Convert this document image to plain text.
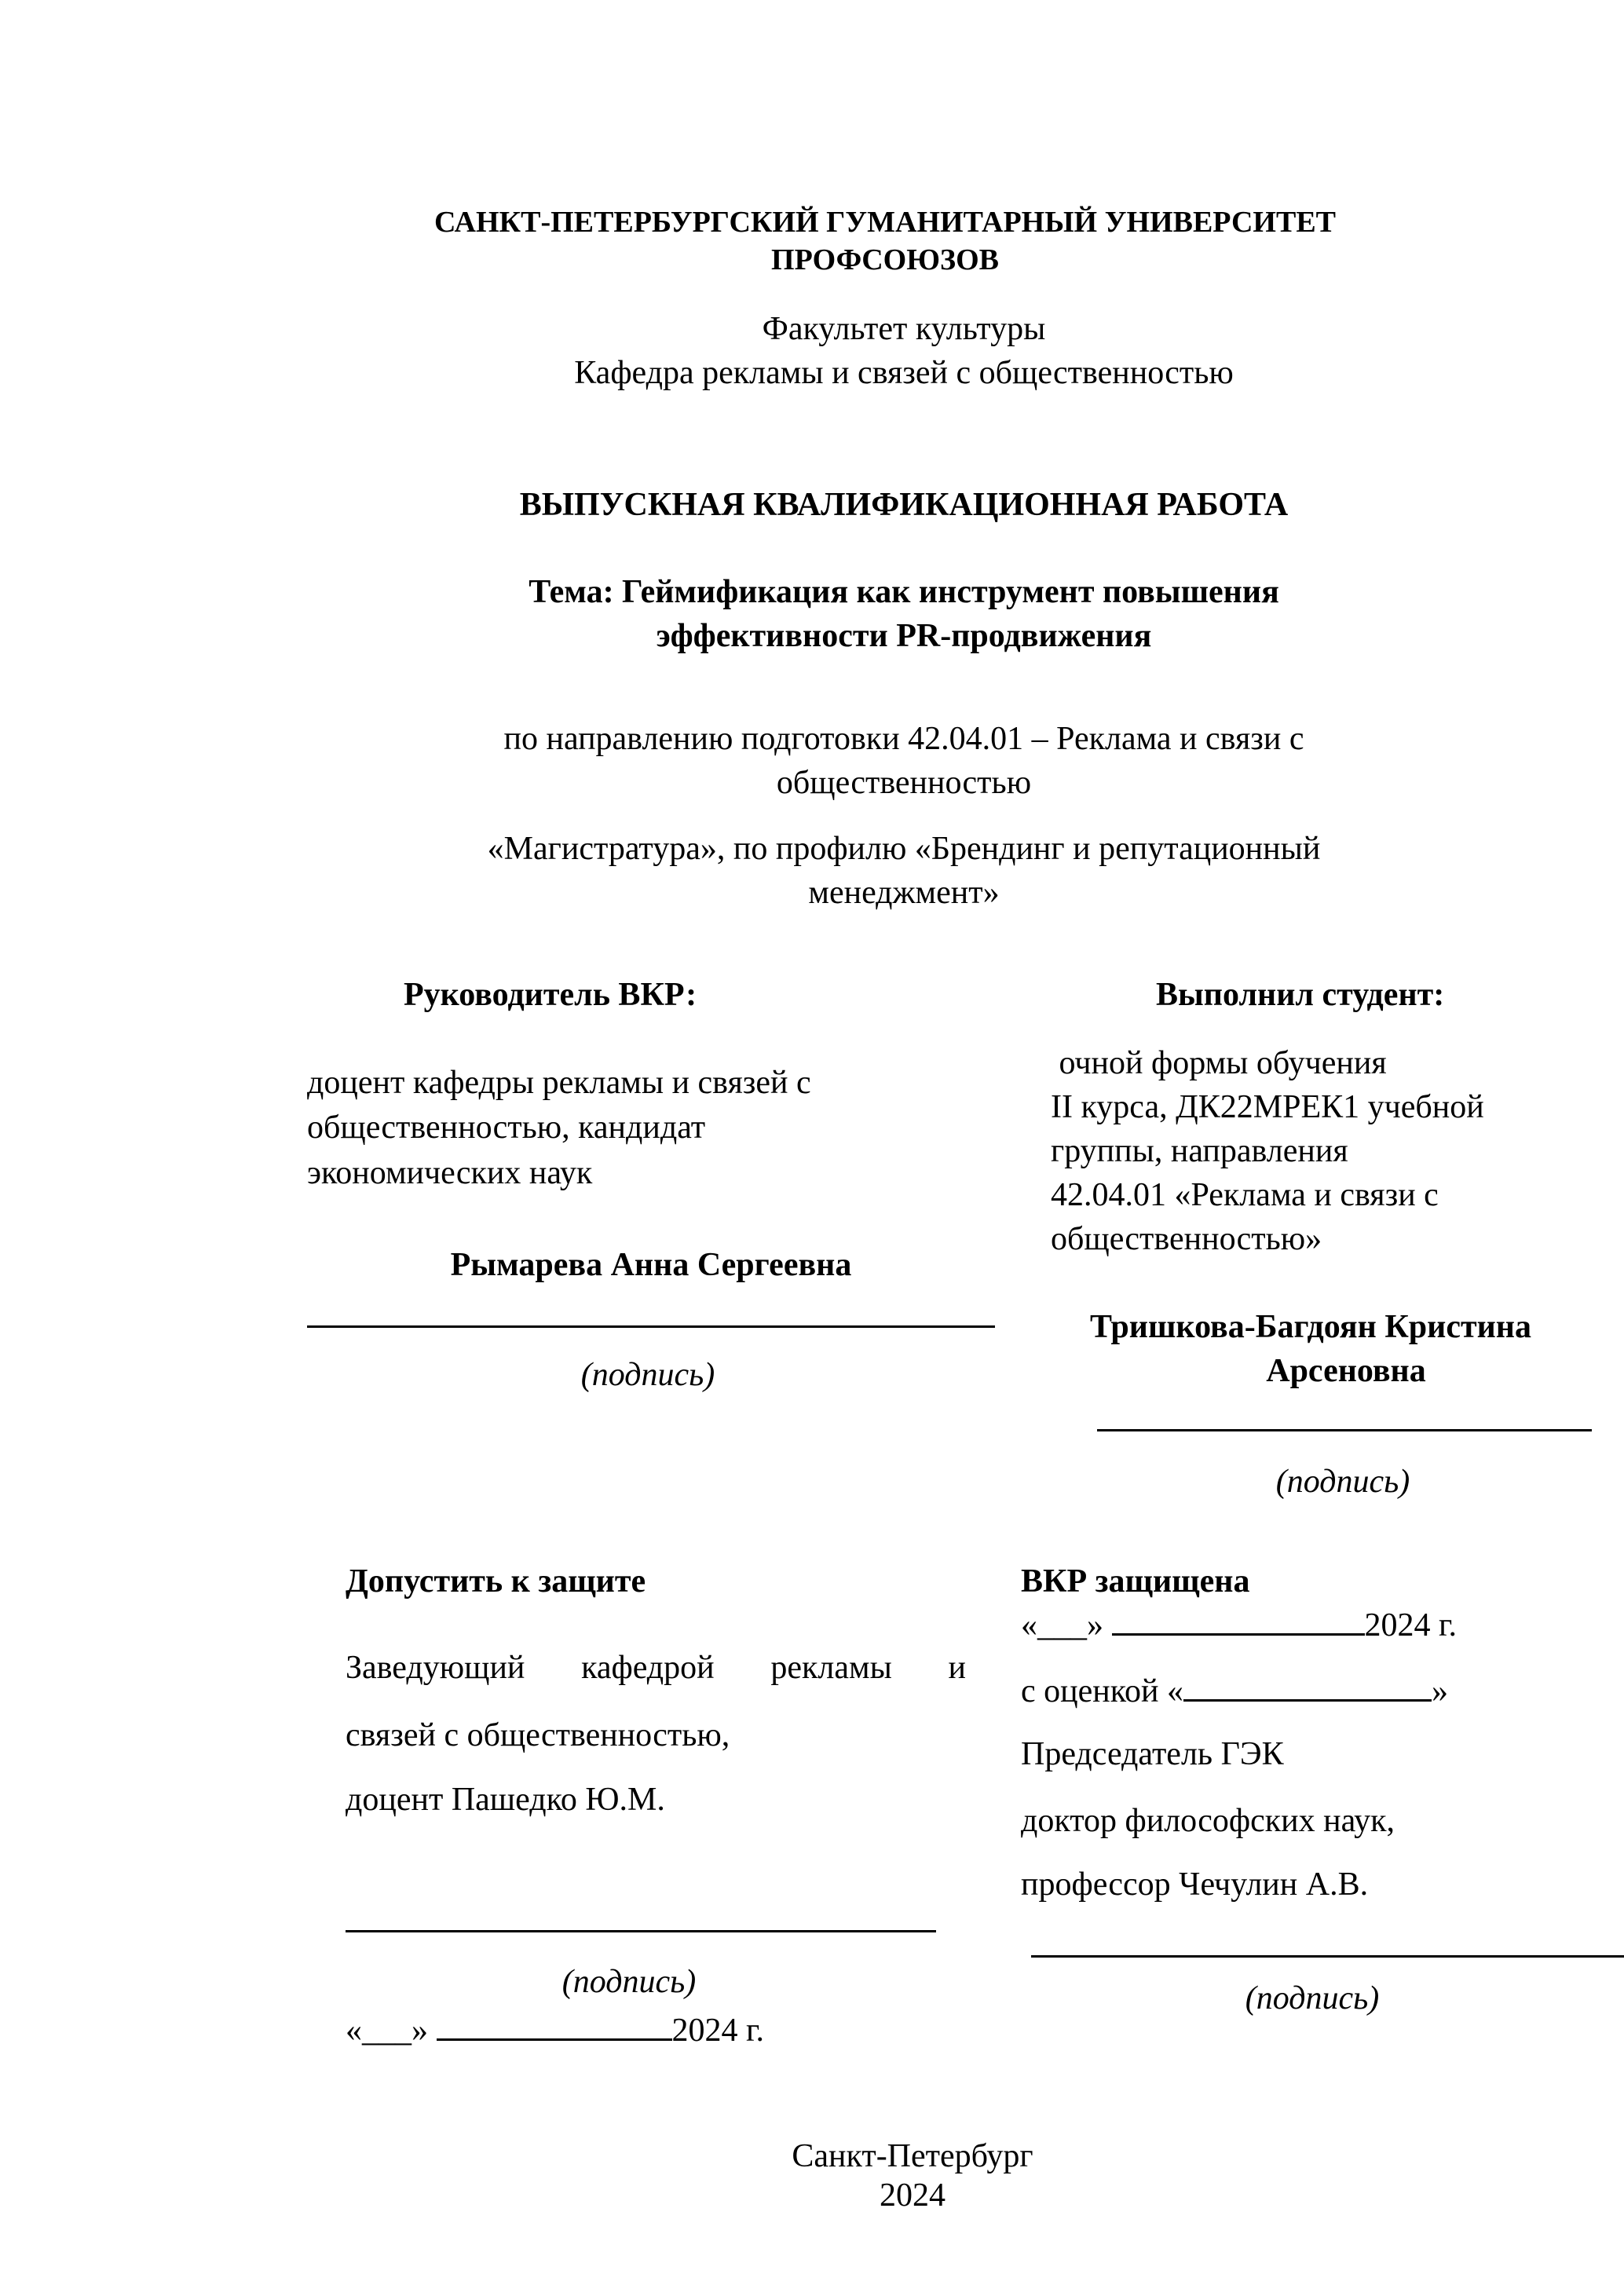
САНКТ-ПЕТЕРБУРГСКИЙ ГУМАНИТАРНЫЙ УНИВЕРСИТЕТ
ПРОФСОЮЗОВ
Факультет культуры
Кафедра рекламы и связей с общественностью
ВЫПУСКНАЯ КВАЛИФИКАЦИОННАЯ РАБОТА
Тема: Геймификация как инструмент повышения
эффективности PR-продвижения
по направлению подготовки 42.04.01 – Реклама и связи с
общественностью
«Магистратура», по профилю «Брендинг и репутационный
менеджмент»
Руководитель ВКР:
доцент кафедры рекламы и связей с
общественностью, кандидат
экономических наук
Рымарева Анна Сергеевна
(подпись)
Выполнил студент:
очной формы обучения
II курса, ДК22МРЕК1 учебной
группы, направления
42.04.01 «Реклама и связи с
общественностью»
Тришкова-Багдоян Кристина
Арсеновна
(подпись)
Допустить к защите
Заведующий кафедрой рекламы и
связей с общественностью,
доцент Пашедко Ю.М.
(подпись)
«___»	2024 г.
ВКР защищена
«___»	2024 г.
с оценкой «	»
Председатель ГЭК
доктор философских наук,
профессор Чечулин А.В.
(подпись)
Санкт-Петербург
2024
